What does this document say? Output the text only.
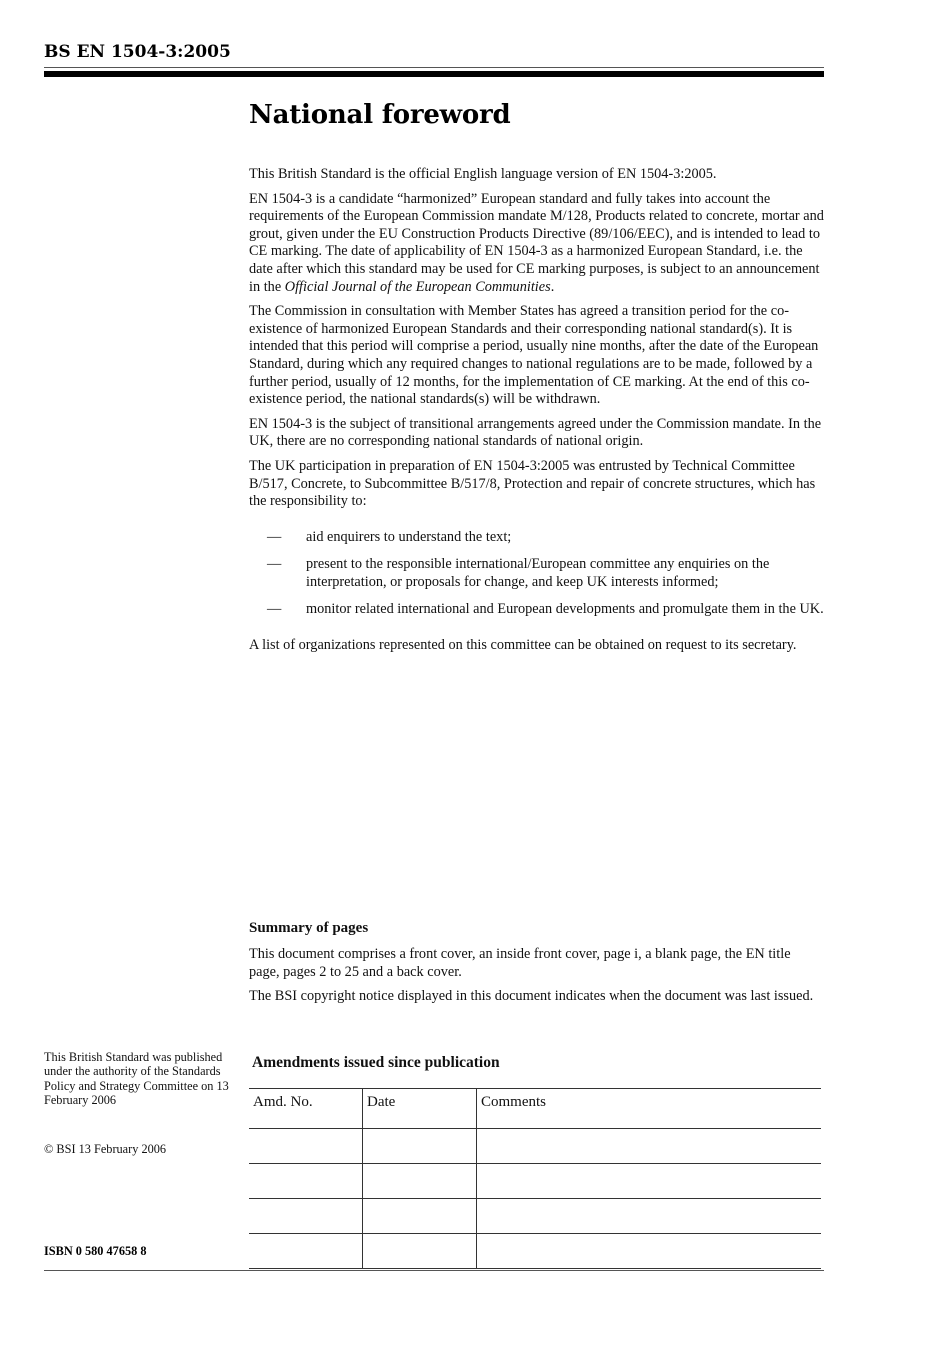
BS EN 1504-3:2005
National foreword

This British Standard is the official English language version of EN 1504-3:2005.

EN 1504-3 is a candidate “harmonized” European standard and fully takes into account the requirements of the European Commission mandate M/128, Products related to concrete, mortar and grout, given under the EU Construction Products Directive (89/106/EEC), and is intended to lead to CE marking. The date of applicability of EN 1504-3 as a harmonized European Standard, i.e. the date after which this standard may be used for CE marking purposes, is subject to an announcement in the Official Journal of the European Communities.

The Commission in consultation with Member States has agreed a transition period for the co-existence of harmonized European Standards and their corresponding national standard(s). It is intended that this period will comprise a period, usually nine months, after the date of the European Standard, during which any required changes to national regulations are to be made, followed by a further period, usually of 12 months, for the implementation of CE marking. At the end of this co-existence period, the national standards(s) will be withdrawn.

EN 1504-3 is the subject of transitional arrangements agreed under the Commission mandate. In the UK, there are no corresponding national standards of national origin.

The UK participation in preparation of EN 1504-3:2005 was entrusted by Technical Committee B/517, Concrete, to Subcommittee B/517/8, Protection and repair of concrete structures, which has the responsibility to:

— aid enquirers to understand the text;
— present to the responsible international/European committee any enquiries on the interpretation, or proposals for change, and keep UK interests informed;
— monitor related international and European developments and promulgate them in the UK.

A list of organizations represented on this committee can be obtained on request to its secretary.

Summary of pages

This document comprises a front cover, an inside front cover, page i, a blank page, the EN title page, pages 2 to 25 and a back cover.

The BSI copyright notice displayed in this document indicates when the document was last issued.

Amendments issued since publication
Amd. No.	Date	Comments

This British Standard was published under the authority of the Standards Policy and Strategy Committee on 13 February 2006
© BSI 13 February 2006
ISBN 0 580 47658 8
